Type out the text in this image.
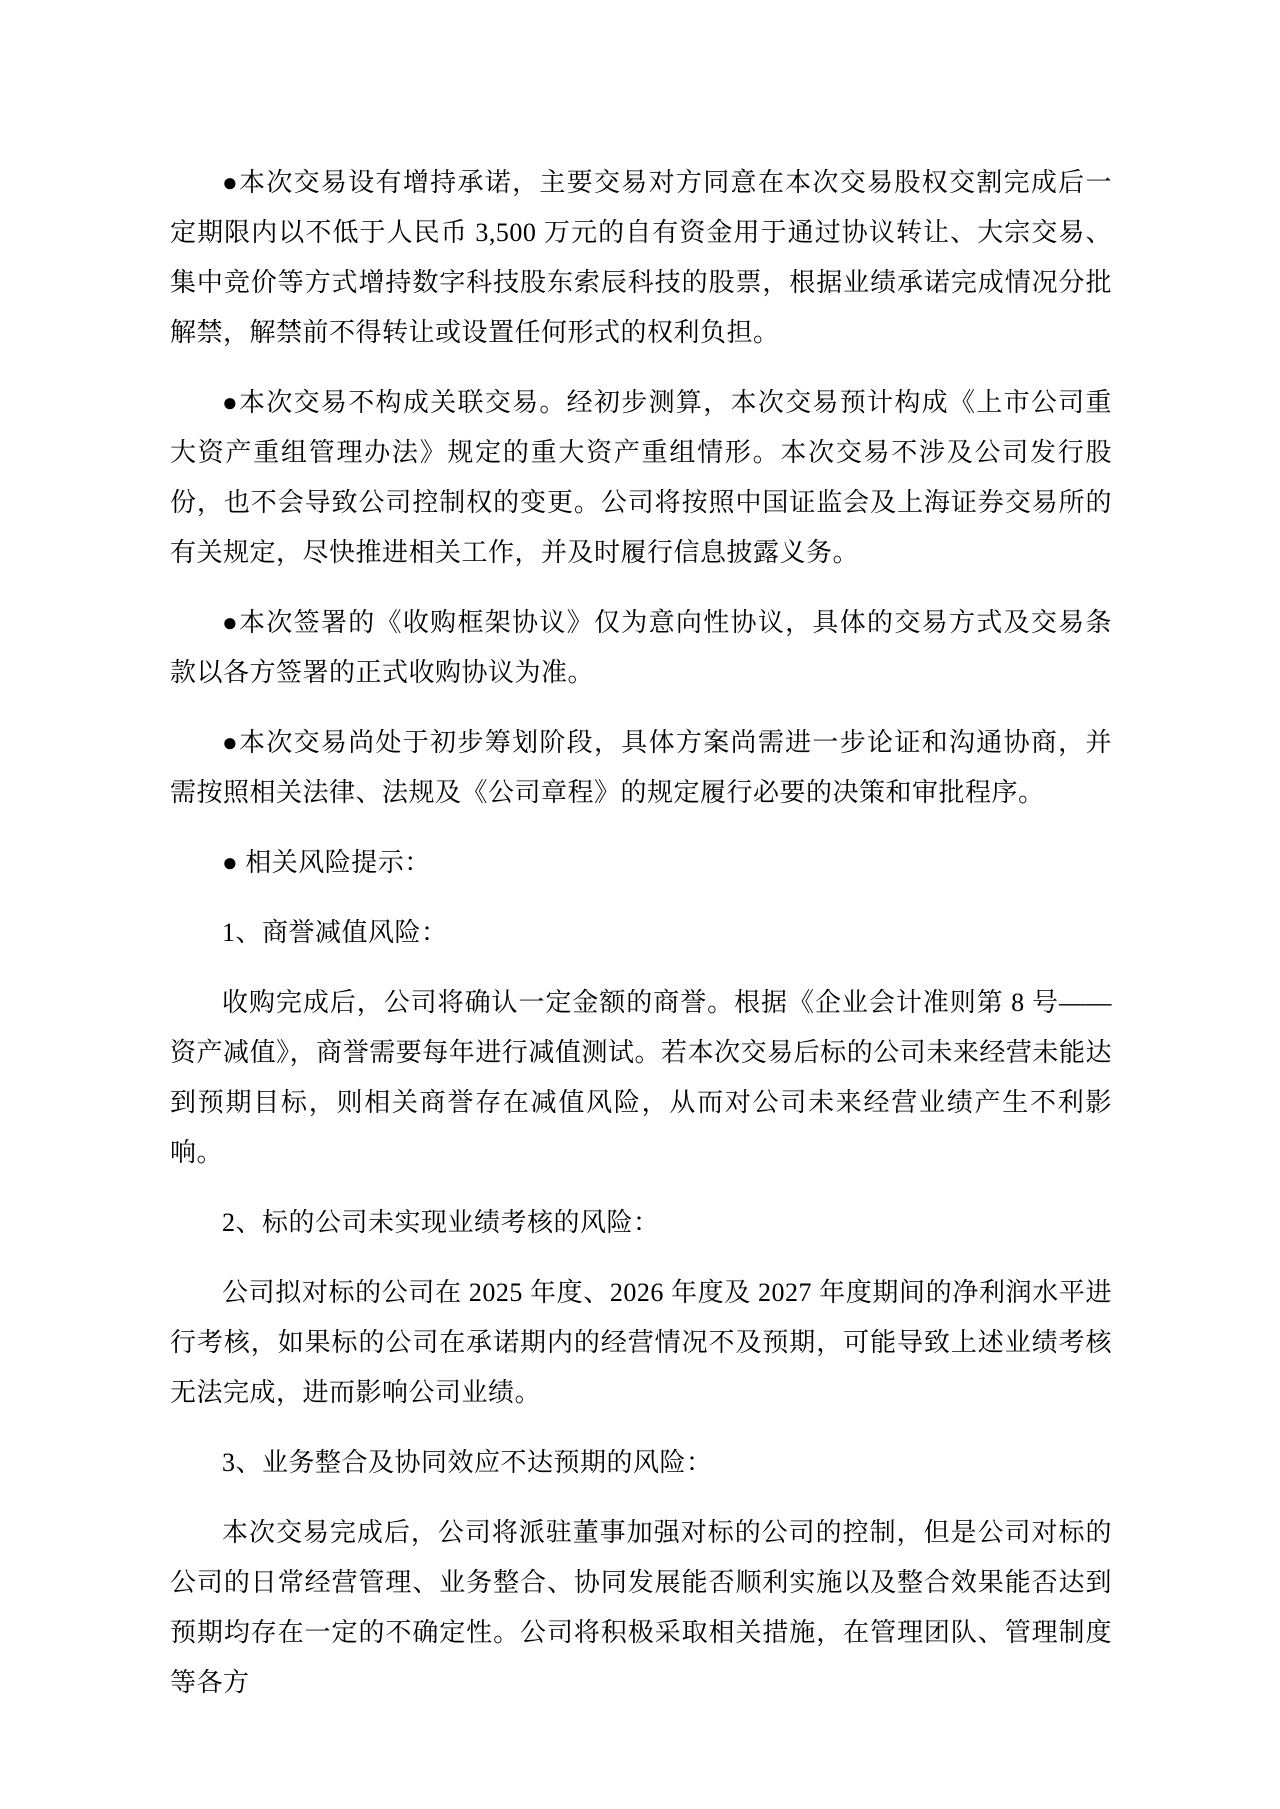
●本次交易设有增持承诺，主要交易对方同意在本次交易股权交割完成后一定期限内以不低于人民币 3,500 万元的自有资金用于通过协议转让、大宗交易、集中竞价等方式增持数字科技股东索辰科技的股票，根据业绩承诺完成情况分批解禁，解禁前不得转让或设置任何形式的权利负担。

●本次交易不构成关联交易。经初步测算，本次交易预计构成《上市公司重大资产重组管理办法》规定的重大资产重组情形。本次交易不涉及公司发行股份，也不会导致公司控制权的变更。公司将按照中国证监会及上海证券交易所的有关规定，尽快推进相关工作，并及时履行信息披露义务。

●本次签署的《收购框架协议》仅为意向性协议，具体的交易方式及交易条款以各方签署的正式收购协议为准。

●本次交易尚处于初步筹划阶段，具体方案尚需进一步论证和沟通协商，并需按照相关法律、法规及《公司章程》的规定履行必要的决策和审批程序。

● 相关风险提示：

1、商誉减值风险：

收购完成后，公司将确认一定金额的商誉。根据《企业会计准则第 8 号——资产减值》，商誉需要每年进行减值测试。若本次交易后标的公司未来经营未能达到预期目标，则相关商誉存在减值风险，从而对公司未来经营业绩产生不利影响。

2、标的公司未实现业绩考核的风险：

公司拟对标的公司在 2025 年度、2026 年度及 2027 年度期间的净利润水平进行考核，如果标的公司在承诺期内的经营情况不及预期，可能导致上述业绩考核无法完成，进而影响公司业绩。

3、业务整合及协同效应不达预期的风险：

本次交易完成后，公司将派驻董事加强对标的公司的控制，但是公司对标的公司的日常经营管理、业务整合、协同发展能否顺利实施以及整合效果能否达到预期均存在一定的不确定性。公司将积极采取相关措施，在管理团队、管理制度等各方
